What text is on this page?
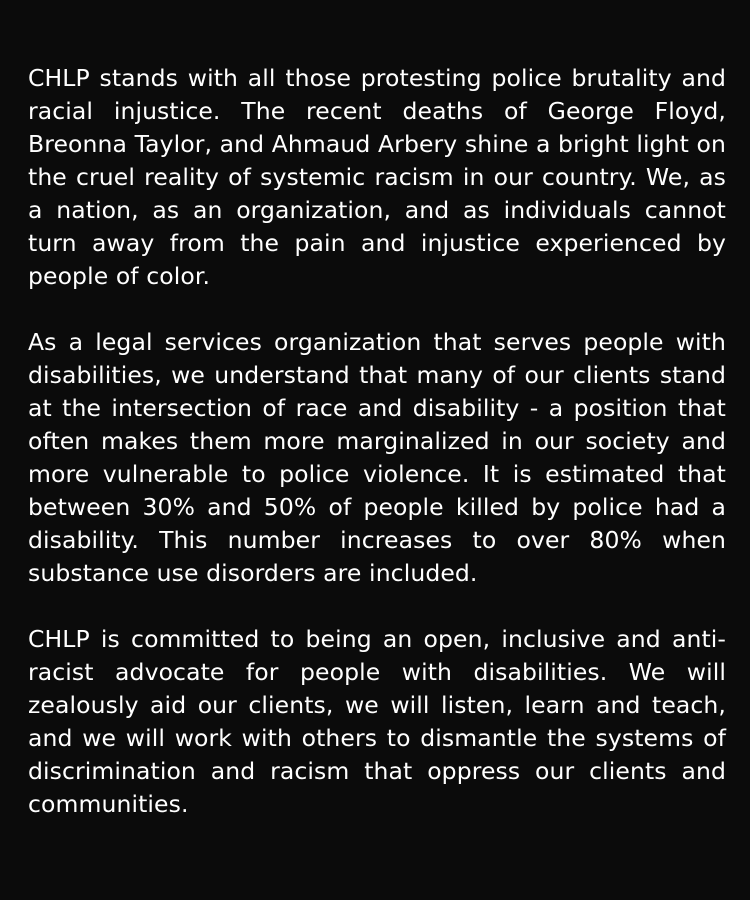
CHLP stands with all those protesting police brutality and racial injustice. The recent deaths of George Floyd, Breonna Taylor, and Ahmaud Arbery shine a bright light on the cruel reality of systemic racism in our country. We, as a nation, as an organization, and as individuals cannot turn away from the pain and injustice experienced by people of color.

As a legal services organization that serves people with disabilities, we understand that many of our clients stand at the intersection of race and disability - a position that often makes them more marginalized in our society and more vulnerable to police violence. It is estimated that between 30% and 50% of people killed by police had a disability. This number increases to over 80% when substance use disorders are included.

CHLP is committed to being an open, inclusive and anti-racist advocate for people with disabilities. We will zealously aid our clients, we will listen, learn and teach, and we will work with others to dismantle the systems of discrimination and racism that oppress our clients and communities.
